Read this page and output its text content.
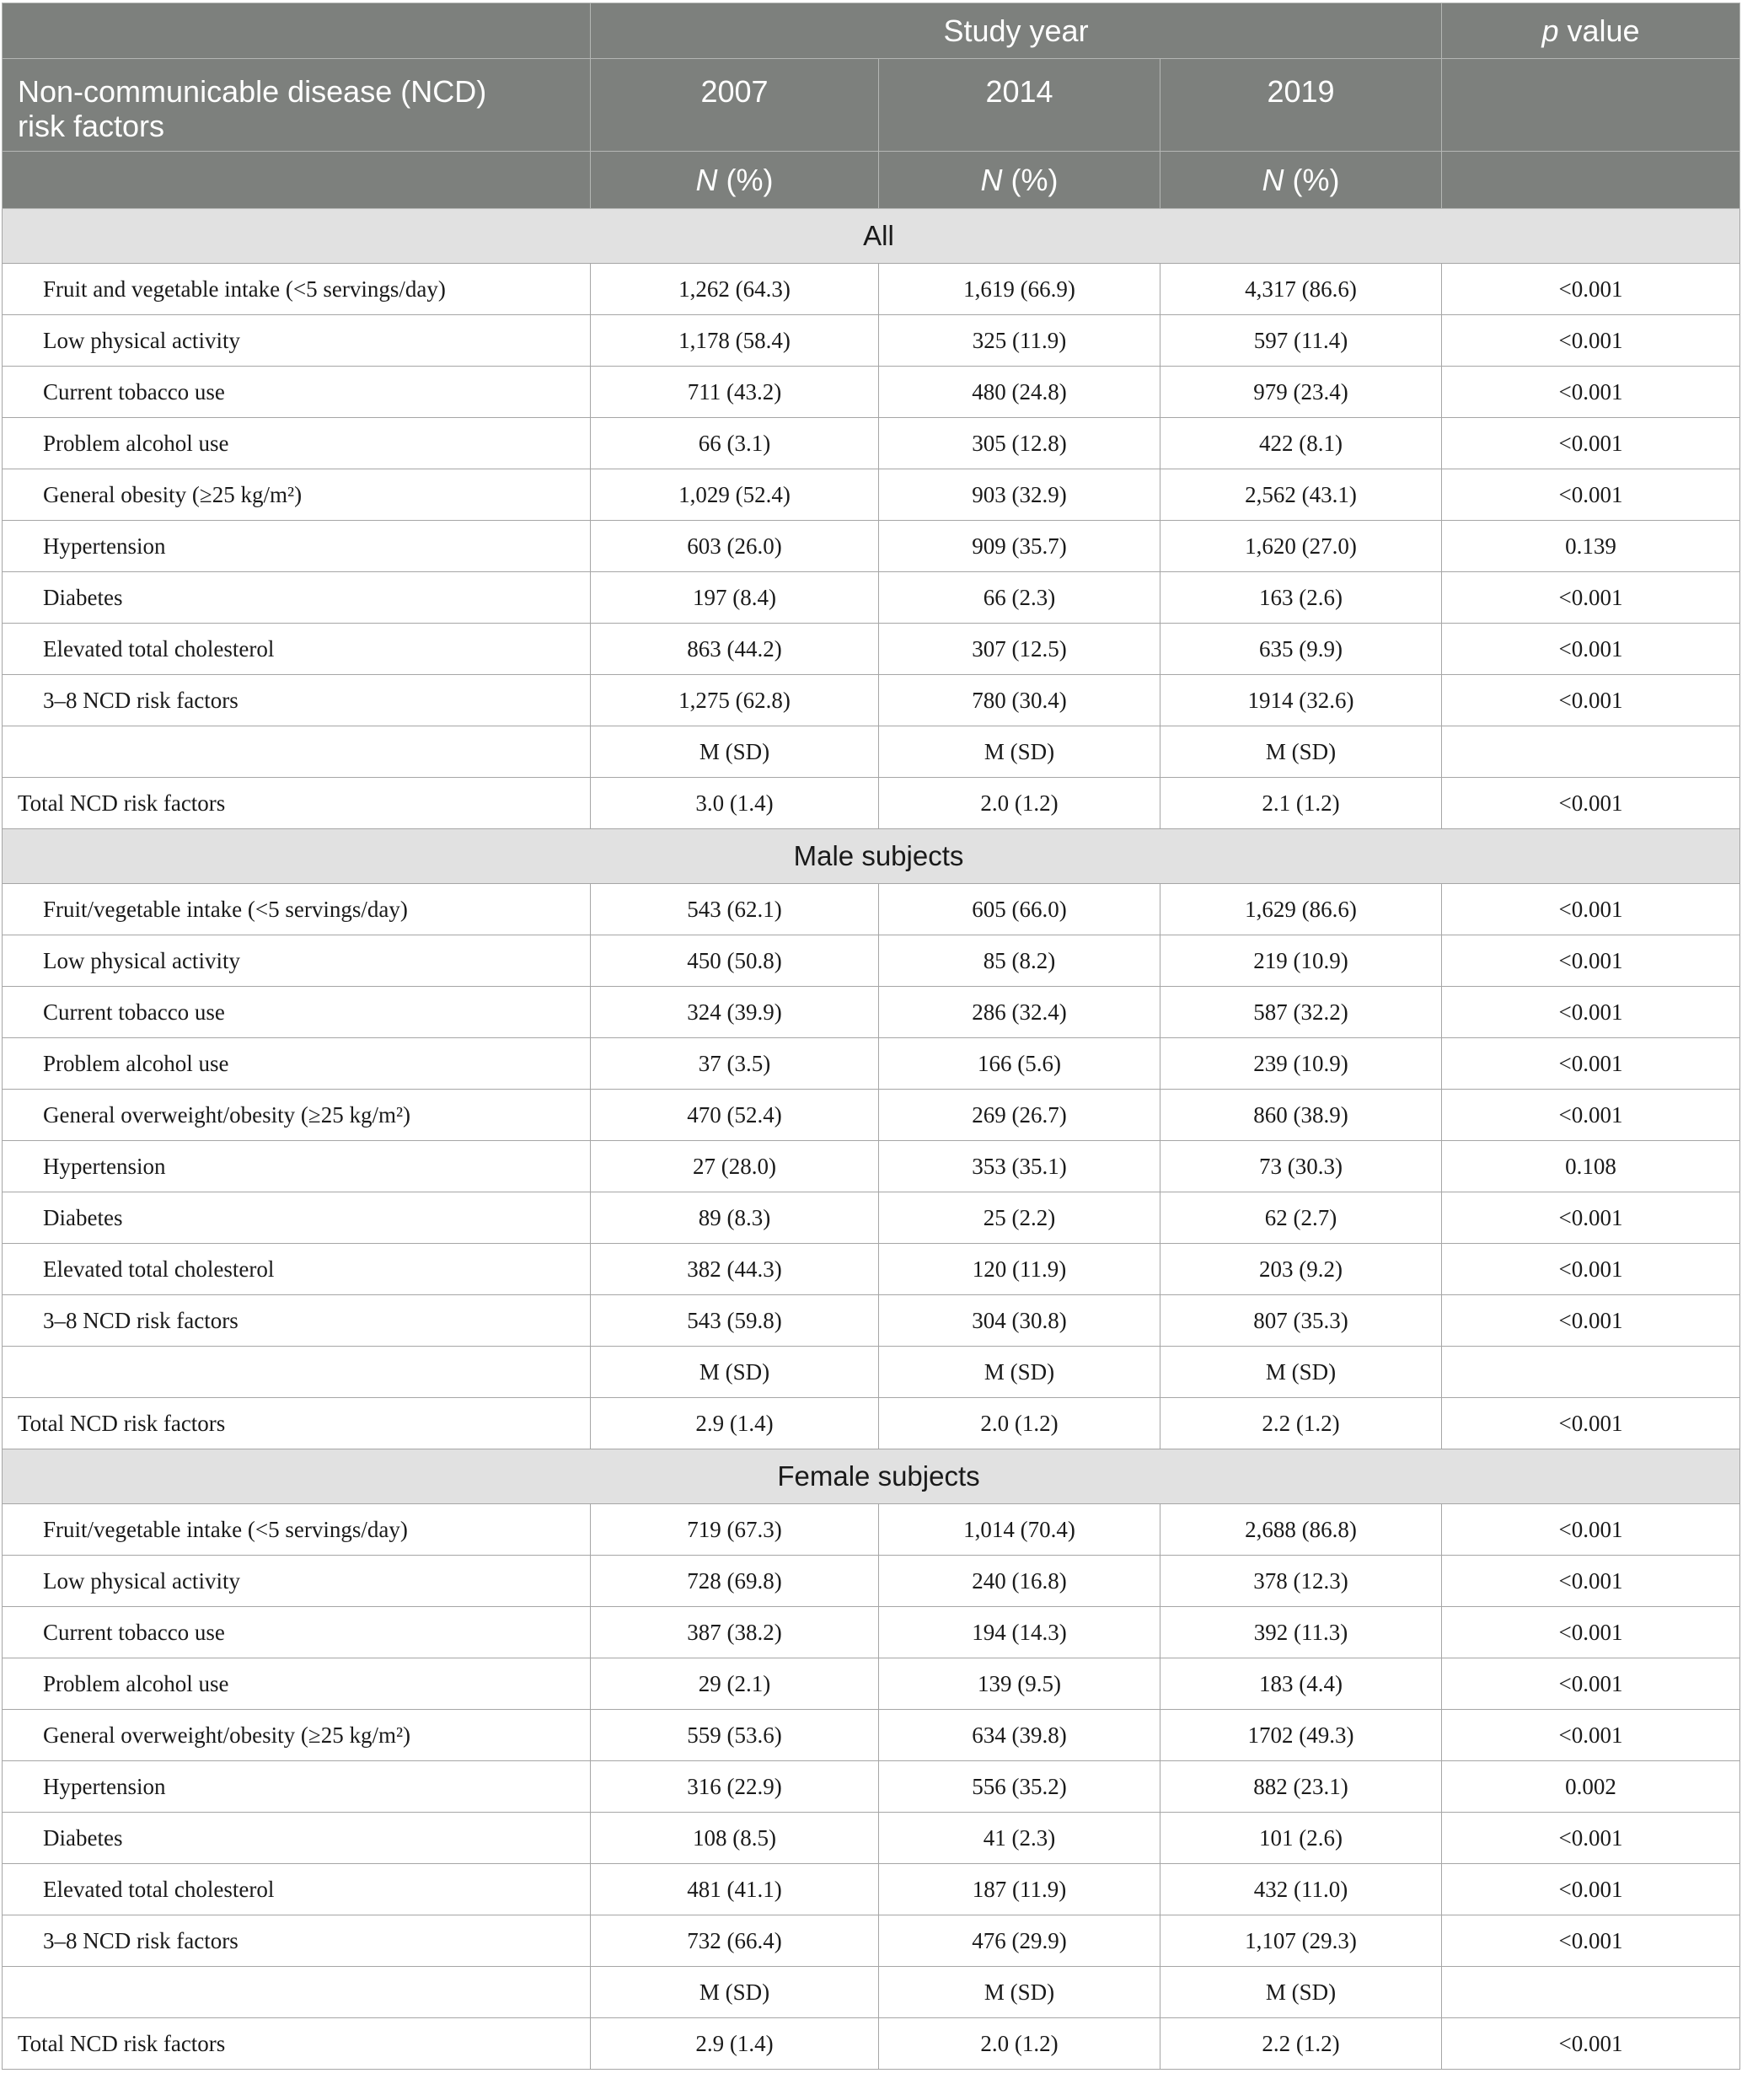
	Study year			p value
Non-communicable disease (NCD)
risk factors	2007	2014	2019	
	N (%)	N (%)	N (%)	
All				
Fruit and vegetable intake (<5 servings/day)	1,262 (64.3)	1,619 (66.9)	4,317 (86.6)	<0.001
Low physical activity	1,178 (58.4)	325 (11.9)	597 (11.4)	<0.001
Current tobacco use	711 (43.2)	480 (24.8)	979 (23.4)	<0.001
Problem alcohol use	66 (3.1)	305 (12.8)	422 (8.1)	<0.001
General obesity (≥25 kg/m²)	1,029 (52.4)	903 (32.9)	2,562 (43.1)	<0.001
Hypertension	603 (26.0)	909 (35.7)	1,620 (27.0)	0.139
Diabetes	197 (8.4)	66 (2.3)	163 (2.6)	<0.001
Elevated total cholesterol	863 (44.2)	307 (12.5)	635 (9.9)	<0.001
3–8 NCD risk factors	1,275 (62.8)	780 (30.4)	1914 (32.6)	<0.001
	M (SD)	M (SD)	M (SD)	
Total NCD risk factors	3.0 (1.4)	2.0 (1.2)	2.1 (1.2)	<0.001
Male subjects				
Fruit/vegetable intake (<5 servings/day)	543 (62.1)	605 (66.0)	1,629 (86.6)	<0.001
Low physical activity	450 (50.8)	85 (8.2)	219 (10.9)	<0.001
Current tobacco use	324 (39.9)	286 (32.4)	587 (32.2)	<0.001
Problem alcohol use	37 (3.5)	166 (5.6)	239 (10.9)	<0.001
General overweight/obesity (≥25 kg/m²)	470 (52.4)	269 (26.7)	860 (38.9)	<0.001
Hypertension	27 (28.0)	353 (35.1)	73 (30.3)	0.108
Diabetes	89 (8.3)	25 (2.2)	62 (2.7)	<0.001
Elevated total cholesterol	382 (44.3)	120 (11.9)	203 (9.2)	<0.001
3–8 NCD risk factors	543 (59.8)	304 (30.8)	807 (35.3)	<0.001
	M (SD)	M (SD)	M (SD)	
Total NCD risk factors	2.9 (1.4)	2.0 (1.2)	2.2 (1.2)	<0.001
Female subjects				
Fruit/vegetable intake (<5 servings/day)	719 (67.3)	1,014 (70.4)	2,688 (86.8)	<0.001
Low physical activity	728 (69.8)	240 (16.8)	378 (12.3)	<0.001
Current tobacco use	387 (38.2)	194 (14.3)	392 (11.3)	<0.001
Problem alcohol use	29 (2.1)	139 (9.5)	183 (4.4)	<0.001
General overweight/obesity (≥25 kg/m²)	559 (53.6)	634 (39.8)	1702 (49.3)	<0.001
Hypertension	316 (22.9)	556 (35.2)	882 (23.1)	0.002
Diabetes	108 (8.5)	41 (2.3)	101 (2.6)	<0.001
Elevated total cholesterol	481 (41.1)	187 (11.9)	432 (11.0)	<0.001
3–8 NCD risk factors	732 (66.4)	476 (29.9)	1,107 (29.3)	<0.001
	M (SD)	M (SD)	M (SD)	
Total NCD risk factors	2.9 (1.4)	2.0 (1.2)	2.2 (1.2)	<0.001
